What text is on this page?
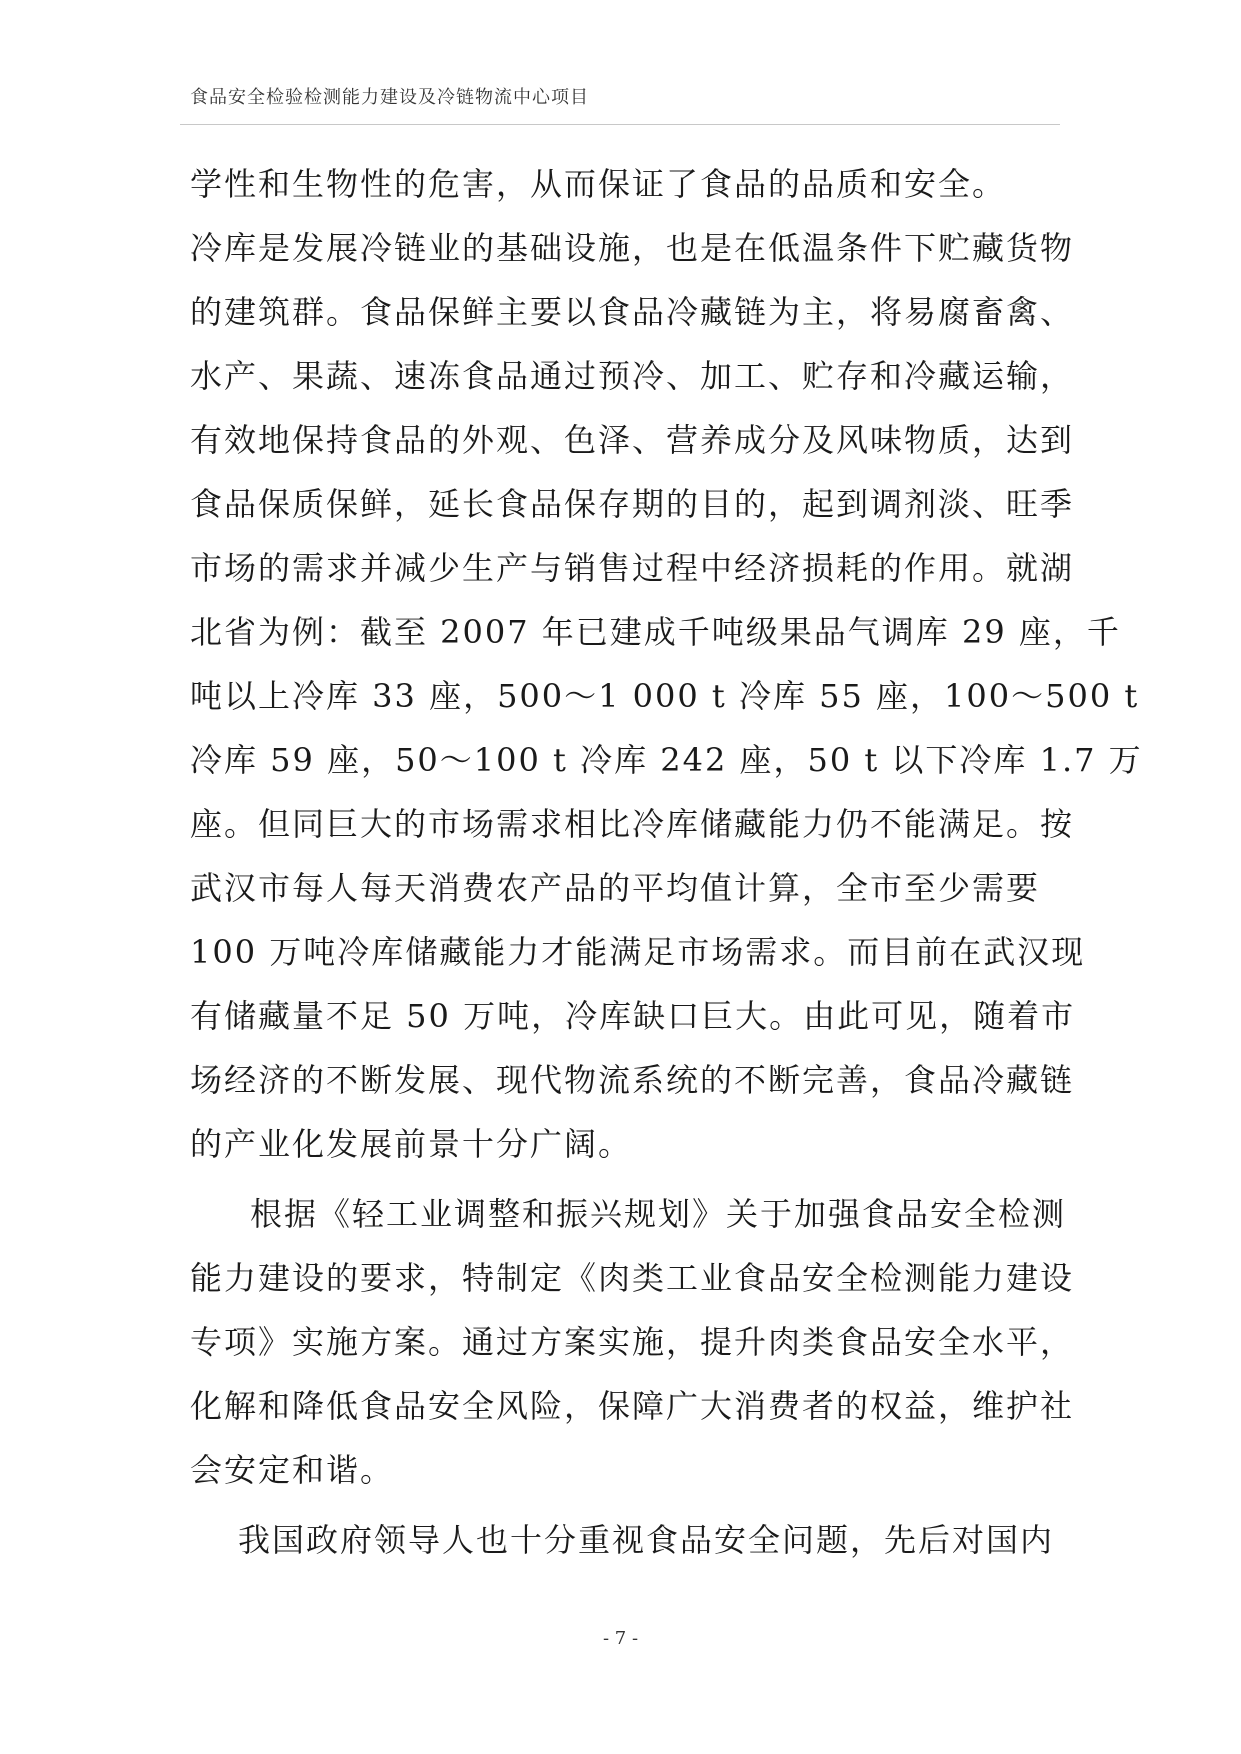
食品安全检验检测能力建设及冷链物流中心项目
学性和生物性的危害，从而保证了食品的品质和安全。
冷库是发展冷链业的基础设施，也是在低温条件下贮藏货物
的建筑群。食品保鲜主要以食品冷藏链为主，将易腐畜禽、
水产、果蔬、速冻食品通过预冷、加工、贮存和冷藏运输，
有效地保持食品的外观、色泽、营养成分及风味物质，达到
食品保质保鲜，延长食品保存期的目的，起到调剂淡、旺季
市场的需求并减少生产与销售过程中经济损耗的作用。就湖
北省为例：截至 2007 年已建成千吨级果品气调库 29 座，千
吨以上冷库 33 座，500～1 000 t 冷库 55 座，100～500 t
冷库 59 座，50～100 t 冷库 242 座，50 t 以下冷库 1.7 万
座。但同巨大的市场需求相比冷库储藏能力仍不能满足。按
武汉市每人每天消费农产品的平均值计算，全市至少需要
100 万吨冷库储藏能力才能满足市场需求。而目前在武汉现
有储藏量不足 50 万吨，冷库缺口巨大。由此可见，随着市
场经济的不断发展、现代物流系统的不断完善，食品冷藏链
的产业化发展前景十分广阔。
根据《轻工业调整和振兴规划》关于加强食品安全检测
能力建设的要求，特制定《肉类工业食品安全检测能力建设
专项》实施方案。通过方案实施，提升肉类食品安全水平，
化解和降低食品安全风险，保障广大消费者的权益，维护社
会安定和谐。
我国政府领导人也十分重视食品安全问题，先后对国内
- 7 -
